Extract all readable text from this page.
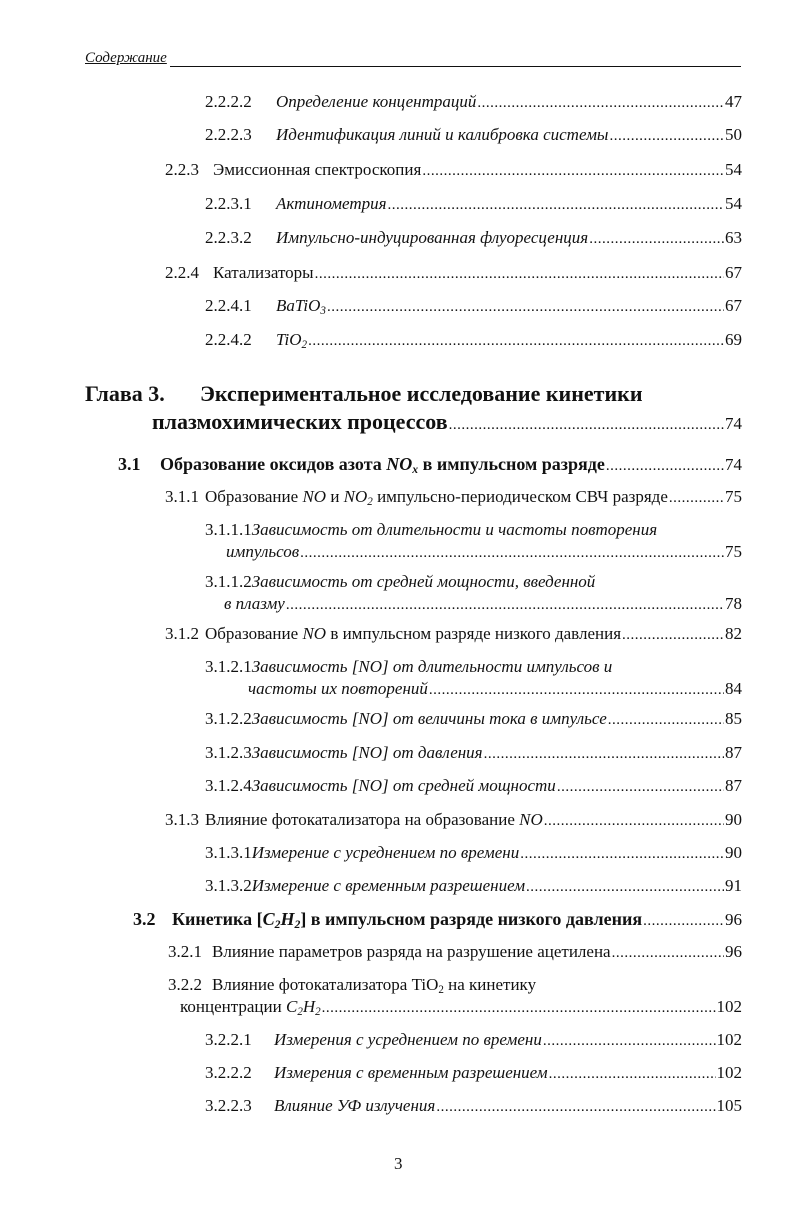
Содержание
2.2.2.2	Определение концентраций .....	47
2.2.2.3	Идентификация линий и калибровка системы .....	50
2.2.3 Эмиссионная спектроскопия .....	54
2.2.3.1	Актинометрия .....	54
2.2.3.2	Импульсно-индуцированная флуоресценция .....	63
2.2.4 Катализаторы .....	67
2.2.4.1	BaTiO$_3$ .....	67
2.2.4.2	TiO$_2$ .....	69
Глава 3.	Экспериментальное исследование кинетики
плазмохимических процессов .....	74
3.1	Образование оксидов азота $NO_x$ в импульсном разряде .....	74
3.1.1 Образование NO и $NO_2$ импульсно-периодическом СВЧ разряде .....	75
3.1.1.1 Зависимость от длительности и частоты повторения
импульсов .....	75
3.1.1.2 Зависимость от средней мощности, введенной
в плазму .....	78
3.1.2 Образование NO в импульсном разряде низкого давления .....	82
3.1.2.1 Зависимость [NO] от длительности импульсов и
частоты их повторений .....	84
3.1.2.2 Зависимость [NO] от величины тока в импульсе .....	85
3.1.2.3 Зависимость [NO] от давления .....	87
3.1.2.4 Зависимость [NO] от средней мощности .....	87
3.1.3 Влияние фотокатализатора на образование NO .....	90
3.1.3.1 Измерение с усреднением по времени .....	90
3.1.3.2 Измерение с временным разрешением .....	91
3.2 Кинетика $[C_2H_2]$ в импульсном разряде низкого давления .....	96
3.2.1 Влияние параметров разряда на разрушение ацетилена .....	96
3.2.2 Влияние фотокатализатора TiO$_2$ на кинетику
концентрации $C_2H_2$ .....	102
3.2.2.1	Измерения с усреднением по времени .....	102
3.2.2.2	Измерения с временным разрешением .....	102
3.2.2.3	Влияние УФ излучения .....	105
3
